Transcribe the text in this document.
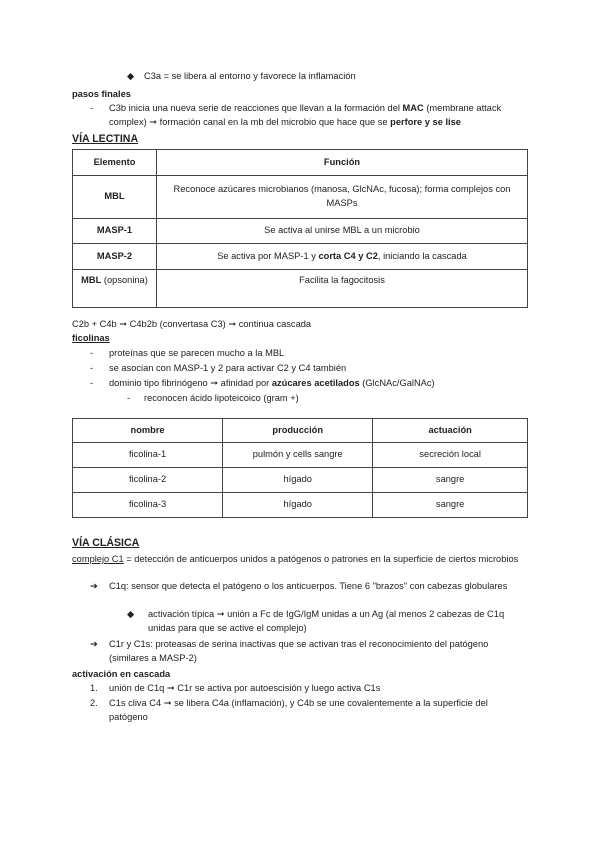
◆ C3a = se libera al entorno y favorece la inflamación
pasos finales
- C3b inicia una nueva serie de reacciones que llevan a la formación del MAC (membrane attack complex) ➞ formación canal en la mb del microbio que hace que se perfore y se lise
VÍA LECTINA
Elemento	Función
MBL	Reconoce azúcares microbianos (manosa, GlcNAc, fucosa); forma complejos con MASPs
MASP-1	Se activa al unirse MBL a un microbio
MASP-2	Se activa por MASP-1 y corta C4 y C2, iniciando la cascada
MBL (opsonina)	Facilita la fagocitosis
C2b + C4b ➞ C4b2b (convertasa C3) ➞ continua cascada
ficolinas
- proteínas que se parecen mucho a la MBL
- se asocian con MASP-1 y 2 para activar C2 y C4 también
- dominio tipo fibrinógeno ➞ afinidad por azúcares acetilados (GlcNAc/GalNAc)
- reconocen ácido lipoteicoico (gram +)
nombre	producción	actuación
ficolina-1	pulmón y cells sangre	secreción local
ficolina-2	hígado	sangre
ficolina-3	hígado	sangre
VÍA CLÁSICA
complejo C1 = detección de anticuerpos unidos a patógenos o patrones en la superficie de ciertos microbios
➔ C1q: sensor que detecta el patógeno o los anticuerpos. Tiene 6 "brazos" con cabezas globulares
◆ activación típica ➞ unión a Fc de IgG/IgM unidas a un Ag (al menos 2 cabezas de C1q unidas para que se active el complejo)
➔ C1r y C1s: proteasas de serina inactivas que se activan tras el reconocimiento del patógeno (similares a MASP-2)
activación en cascada
1. unión de C1q ➞ C1r se activa por autoescisión y luego activa C1s
2. C1s cliva C4 ➞ se libera C4a (inflamación), y C4b se une covalentemente a la superficie del patógeno
